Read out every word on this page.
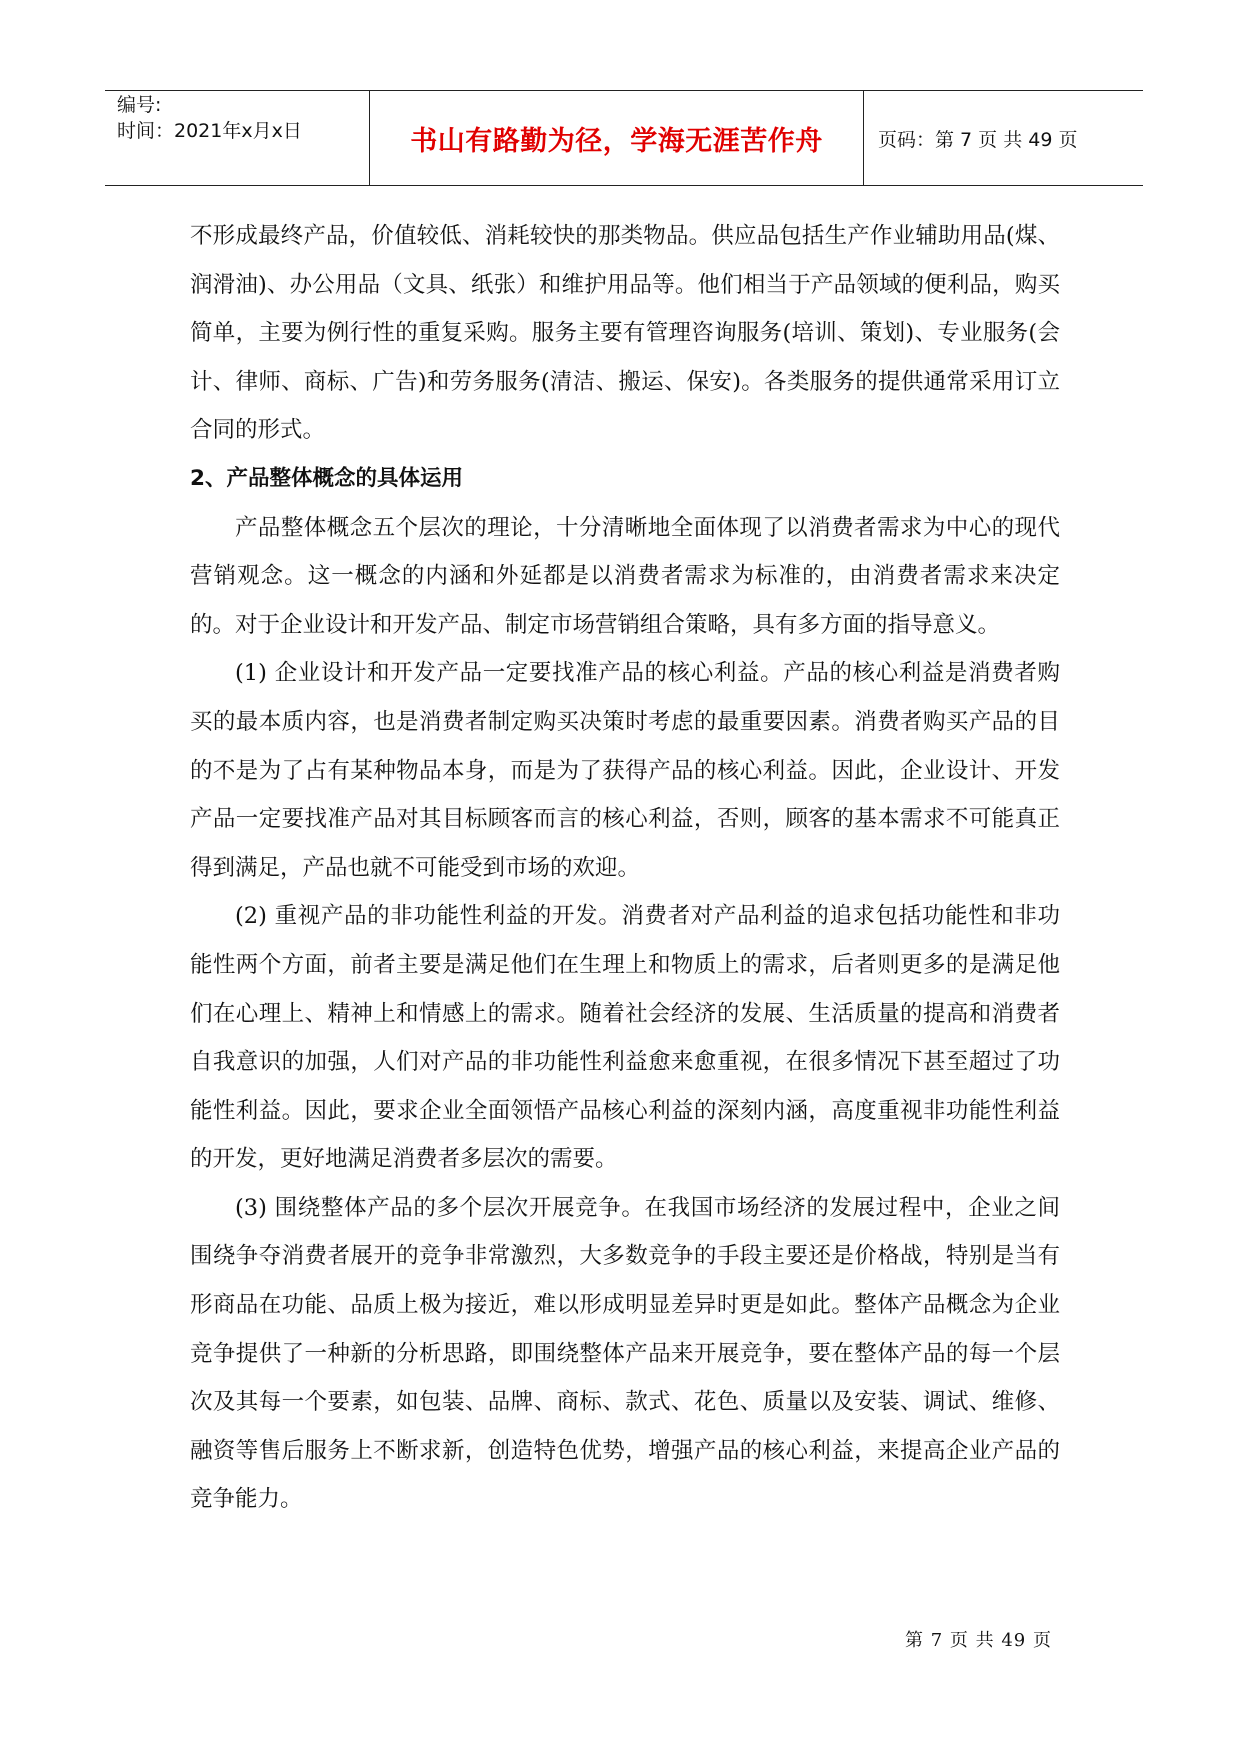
编号:
时间：2021年x月x日	书山有路勤为径，学海无涯苦作舟	页码：第 7 页 共 49 页

不形成最终产品，价值较低、消耗较快的那类物品。供应品包括生产作业辅助用品(煤、润滑油)、办公用品（文具、纸张）和维护用品等。他们相当于产品领域的便利品，购买简单，主要为例行性的重复采购。服务主要有管理咨询服务(培训、策划)、专业服务(会计、律师、商标、广告)和劳务服务(清洁、搬运、保安)。各类服务的提供通常采用订立合同的形式。

2、产品整体概念的具体运用

产品整体概念五个层次的理论，十分清晰地全面体现了以消费者需求为中心的现代营销观念。这一概念的内涵和外延都是以消费者需求为标准的，由消费者需求来决定的。对于企业设计和开发产品、制定市场营销组合策略，具有多方面的指导意义。

(1) 企业设计和开发产品一定要找准产品的核心利益。产品的核心利益是消费者购买的最本质内容，也是消费者制定购买决策时考虑的最重要因素。消费者购买产品的目的不是为了占有某种物品本身，而是为了获得产品的核心利益。因此，企业设计、开发产品一定要找准产品对其目标顾客而言的核心利益，否则，顾客的基本需求不可能真正得到满足，产品也就不可能受到市场的欢迎。

(2) 重视产品的非功能性利益的开发。消费者对产品利益的追求包括功能性和非功能性两个方面，前者主要是满足他们在生理上和物质上的需求，后者则更多的是满足他们在心理上、精神上和情感上的需求。随着社会经济的发展、生活质量的提高和消费者自我意识的加强，人们对产品的非功能性利益愈来愈重视，在很多情况下甚至超过了功能性利益。因此，要求企业全面领悟产品核心利益的深刻内涵，高度重视非功能性利益的开发，更好地满足消费者多层次的需要。

(3) 围绕整体产品的多个层次开展竞争。在我国市场经济的发展过程中，企业之间围绕争夺消费者展开的竞争非常激烈，大多数竞争的手段主要还是价格战，特别是当有形商品在功能、品质上极为接近，难以形成明显差异时更是如此。整体产品概念为企业竞争提供了一种新的分析思路，即围绕整体产品来开展竞争，要在整体产品的每一个层次及其每一个要素，如包装、品牌、商标、款式、花色、质量以及安装、调试、维修、融资等售后服务上不断求新，创造特色优势，增强产品的核心利益，来提高企业产品的竞争能力。

第 7 页 共 49 页
